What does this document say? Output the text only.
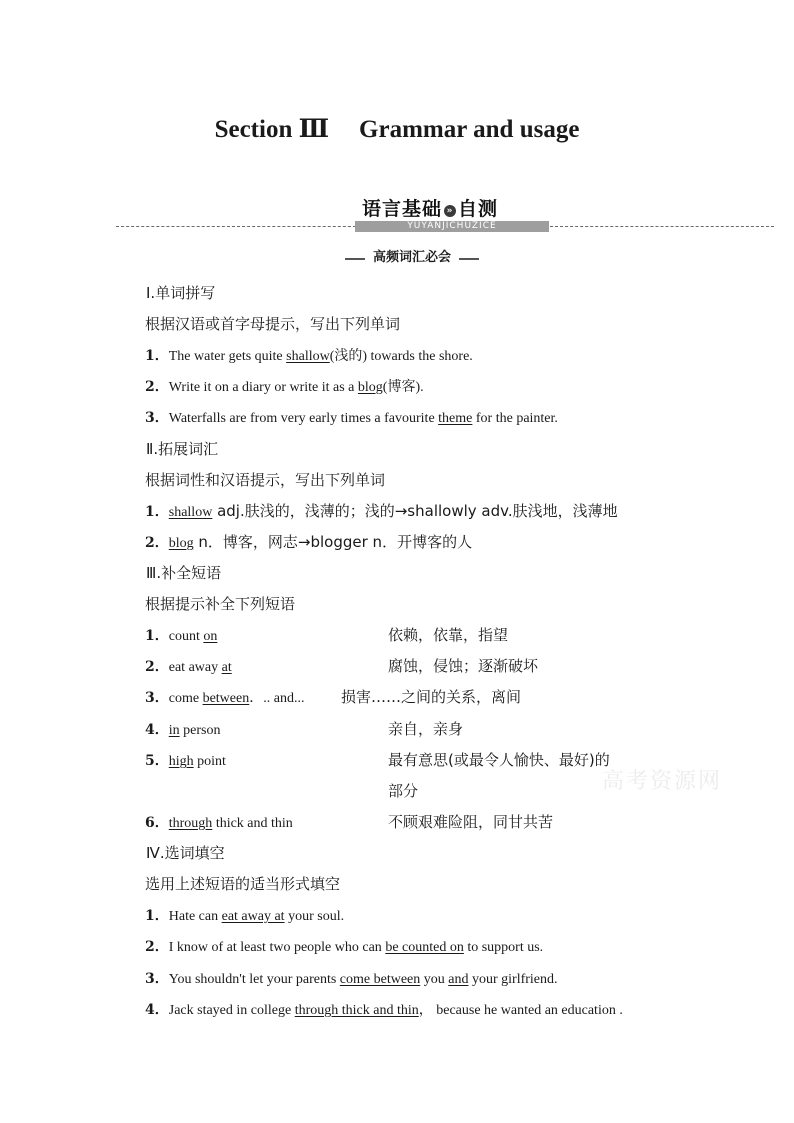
Section Ⅲ Grammar and usage
语言基础 » 自测
YUYANJICHUZICE
高频词汇必会
Ⅰ.单词拼写
根据汉语或首字母提示，写出下列单词
1．The water gets quite shallow(浅的) towards the shore.
2．Write it on a diary or write it as a blog(博客).
3．Waterfalls are from very early times a favourite theme for the painter.
Ⅱ.拓展词汇
根据词性和汉语提示，写出下列单词
1．shallow adj.肤浅的，浅薄的；浅的→shallowly adv.肤浅地，浅薄地
2．blog n．博客，网志→blogger n．开博客的人
Ⅲ.补全短语
根据提示补全下列短语
1．count on	依赖，依靠，指望
2．eat away at	腐蚀，侵蚀；逐渐破坏
3．come between．.. and... 损害……之间的关系，离间
4．in person	亲自，亲身
5．high point	最有意思(或最令人愉快、最好)的
部分
6．through thick and thin	不顾艰难险阻，同甘共苦
Ⅳ.选词填空
选用上述短语的适当形式填空
1．Hate can eat away at your soul.
2．I know of at least two people who can be counted on to support us.
3．You shouldn't let your parents come between you and your girlfriend.
4．Jack stayed in college through thick and thin， because he wanted an education .
高考资源网
